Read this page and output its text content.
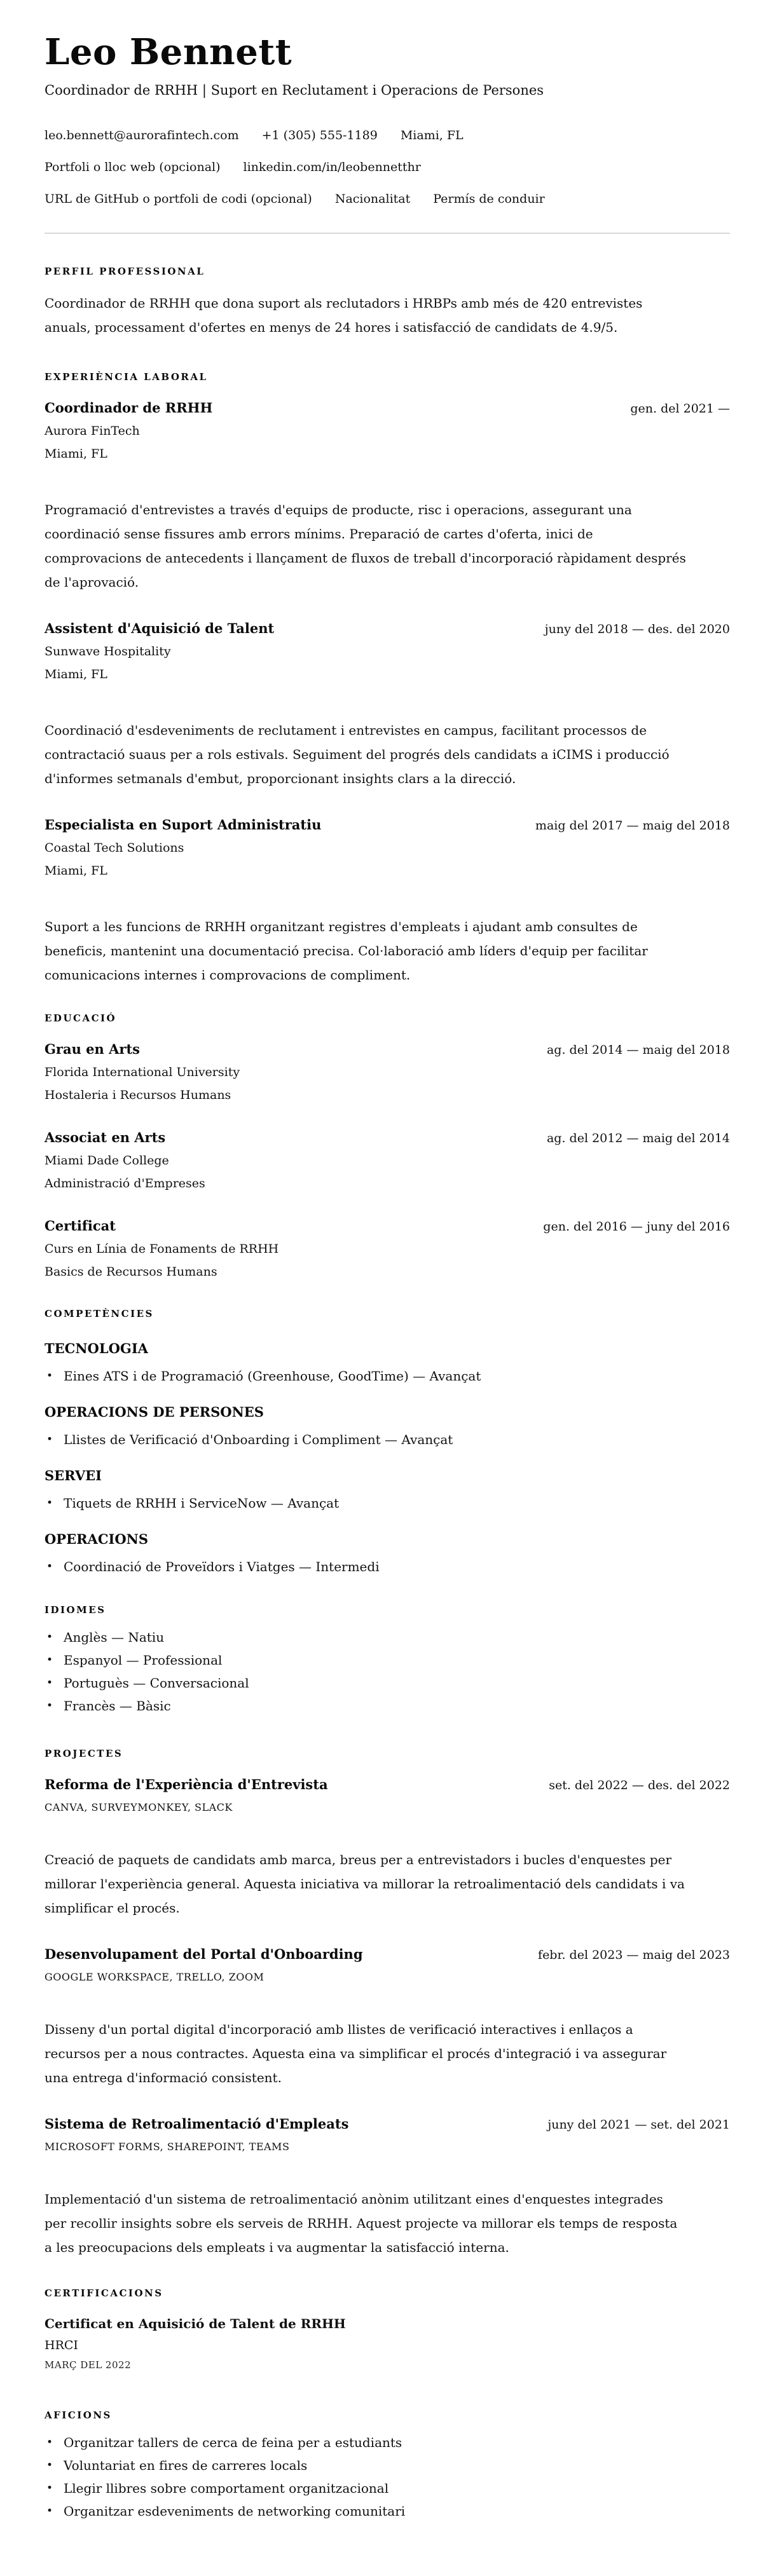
Leo Bennett
Coordinador de RRHH | Suport en Reclutament i Operacions de Persones
leo.bennett@aurorafintech.com +1 (305) 555-1189 Miami, FL
Portfoli o lloc web (opcional) linkedin.com/in/leobennetthr
URL de GitHub o portfoli de codi (opcional) Nacionalitat Permís de conduir
PERFIL PROFESSIONAL

Coordinador de RRHH que dona suport als reclutadors i HRBPs amb més de 420 entrevistes anuals, processament d'ofertes en menys de 24 hores i satisfacció de candidats de 4.9/5.

EXPERIÈNCIA LABORAL
Coordinador de RRHH	gen. del 2021 —
Aurora FinTech
Miami, FL

Programació d'entrevistes a través d'equips de producte, risc i operacions, assegurant una coordinació sense fissures amb errors mínims. Preparació de cartes d'oferta, inici de comprovacions de antecedents i llançament de fluxos de treball d'incorporació ràpidament després de l'aprovació.

Assistent d'Aquisició de Talent	juny del 2018 — des. del 2020
Sunwave Hospitality
Miami, FL

Coordinació d'esdeveniments de reclutament i entrevistes en campus, facilitant processos de contractació suaus per a rols estivals. Seguiment del progrés dels candidats a iCIMS i producció d'informes setmanals d'embut, proporcionant insights clars a la direcció.

Especialista en Suport Administratiu	maig del 2017 — maig del 2018
Coastal Tech Solutions
Miami, FL

Suport a les funcions de RRHH organitzant registres d'empleats i ajudant amb consultes de beneficis, mantenint una documentació precisa. Col·laboració amb líders d'equip per facilitar comunicacions internes i comprovacions de compliment.

EDUCACIÓ
Grau en Arts	ag. del 2014 — maig del 2018
Florida International University
Hostaleria i Recursos Humans
Associat en Arts	ag. del 2012 — maig del 2014
Miami Dade College
Administració d'Empreses
Certificat	gen. del 2016 — juny del 2016
Curs en Línia de Fonaments de RRHH
Basics de Recursos Humans
COMPETÈNCIES
TECNOLOGIA
• Eines ATS i de Programació (Greenhouse, GoodTime) — Avançat
OPERACIONS DE PERSONES
• Llistes de Verificació d'Onboarding i Compliment — Avançat
SERVEI
• Tiquets de RRHH i ServiceNow — Avançat
OPERACIONS
• Coordinació de Proveïdors i Viatges — Intermedi
IDIOMES
• Anglès — Natiu
• Espanyol — Professional
• Portuguès — Conversacional
• Francès — Bàsic
PROJECTES
Reforma de l'Experiència d'Entrevista	set. del 2022 — des. del 2022
CANVA, SURVEYMONKEY, SLACK

Creació de paquets de candidats amb marca, breus per a entrevistadors i bucles d'enquestes per millorar l'experiència general. Aquesta iniciativa va millorar la retroalimentació dels candidats i va simplificar el procés.

Desenvolupament del Portal d'Onboarding	febr. del 2023 — maig del 2023
GOOGLE WORKSPACE, TRELLO, ZOOM

Disseny d'un portal digital d'incorporació amb llistes de verificació interactives i enllaços a recursos per a nous contractes. Aquesta eina va simplificar el procés d'integració i va assegurar una entrega d'informació consistent.

Sistema de Retroalimentació d'Empleats	juny del 2021 — set. del 2021
MICROSOFT FORMS, SHAREPOINT, TEAMS

Implementació d'un sistema de retroalimentació anònim utilitzant eines d'enquestes integrades per recollir insights sobre els serveis de RRHH. Aquest projecte va millorar els temps de resposta a les preocupacions dels empleats i va augmentar la satisfacció interna.

CERTIFICACIONS
Certificat en Aquisició de Talent de RRHH
HRCI
MARÇ DEL 2022
AFICIONS
• Organitzar tallers de cerca de feina per a estudiants
• Voluntariat en fires de carreres locals
• Llegir llibres sobre comportament organitzacional
• Organitzar esdeveniments de networking comunitari
